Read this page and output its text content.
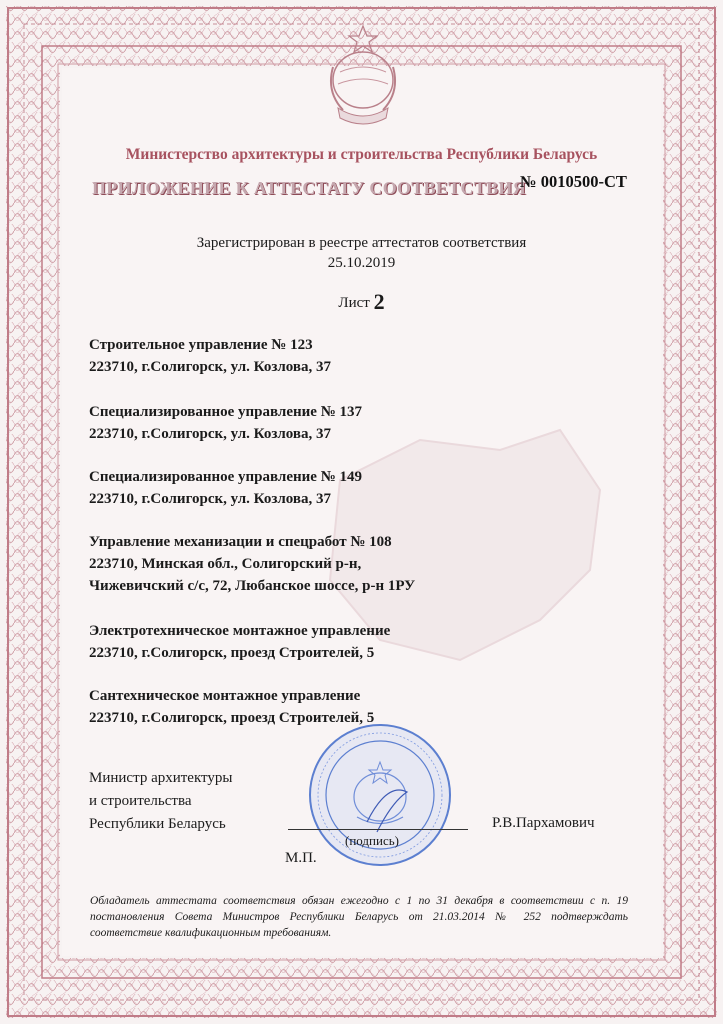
Министерство архитектуры и строительства Республики Беларусь
ПРИЛОЖЕНИЕ К АТТЕСТАТУ СООТВЕТСТВИЯ
№ 0010500-СТ
Зарегистрирован в реестре аттестатов соответствия
25.10.2019
Лист 2
Строительное управление № 123
223710, г.Солигорск, ул. Козлова, 37
Специализированное управление № 137
223710, г.Солигорск, ул. Козлова, 37
Специализированное управление № 149
223710, г.Солигорск, ул. Козлова, 37
Управление механизации и спецработ № 108
223710, Минская обл., Солигорский р-н,
Чижевичский с/с, 72, Любанское шоссе, р-н 1РУ
Электротехническое монтажное управление
223710, г.Солигорск, проезд Строителей, 5
Сантехническое монтажное управление
223710, г.Солигорск, проезд Строителей, 5
Министр архитектуры
и строительства
Республики Беларусь
(подпись)
Р.В.Пархамович
М.П.
Обладатель аттестата соответствия обязан ежегодно с 1 по 31 декабря в соответствии с п. 19 постановления Совета Министров Республики Беларусь от 21.03.2014 № 252 подтверждать соответствие квалификационным требованиям.
